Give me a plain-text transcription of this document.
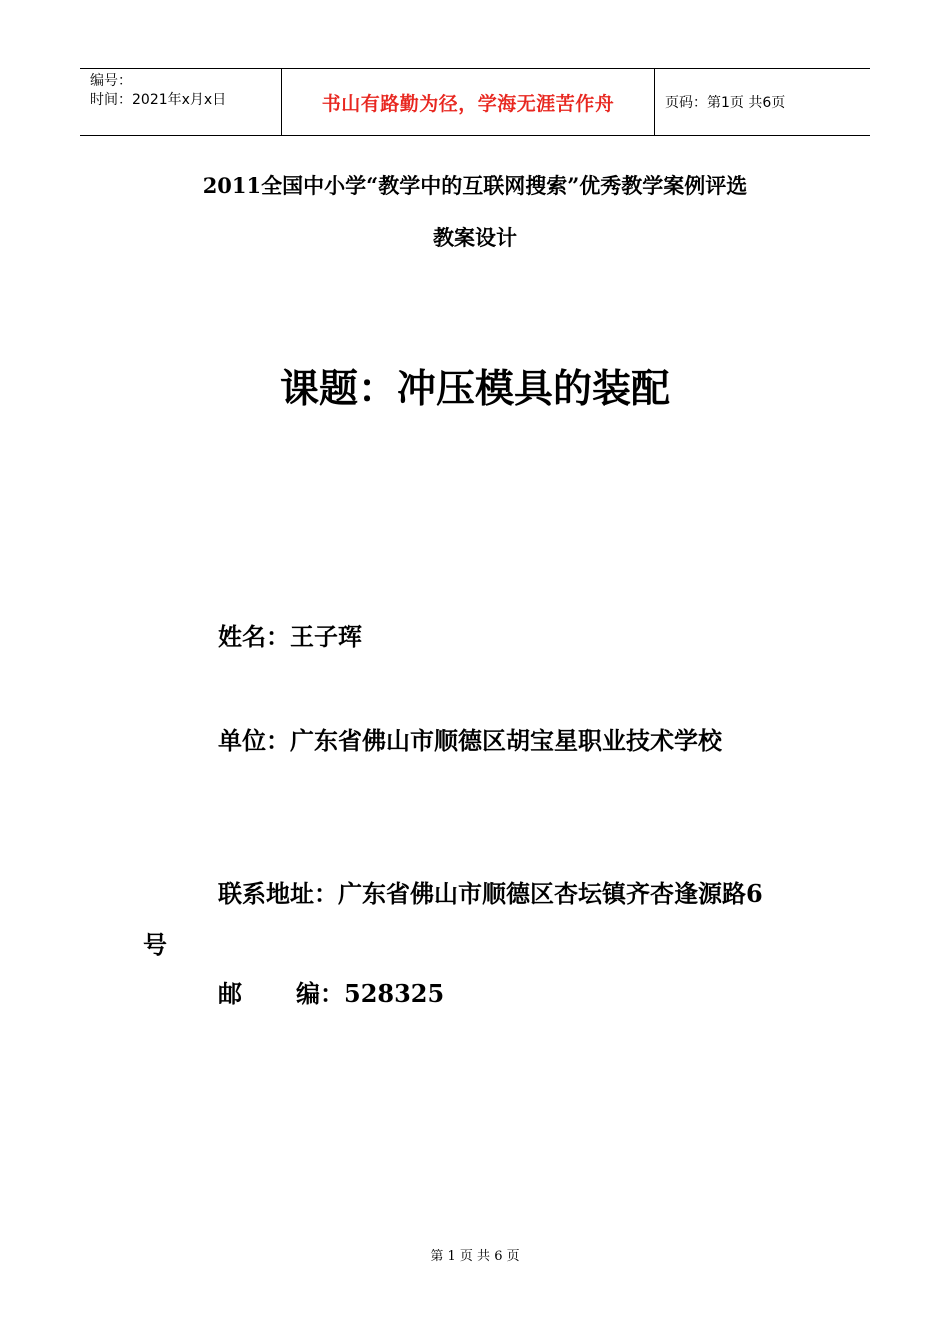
编号：
时间：2021年x月x日	书山有路勤为径，学海无涯苦作舟	页码：第1页 共6页
2011全国中小学“教学中的互联网搜索”优秀教学案例评选
教案设计
课题：冲压模具的装配
姓名：王子珲
单位：广东省佛山市顺德区胡宝星职业技术学校
联系地址：广东省佛山市顺德区杏坛镇齐杏逢源路6
号
邮 编：528325
第 1 页 共 6 页
